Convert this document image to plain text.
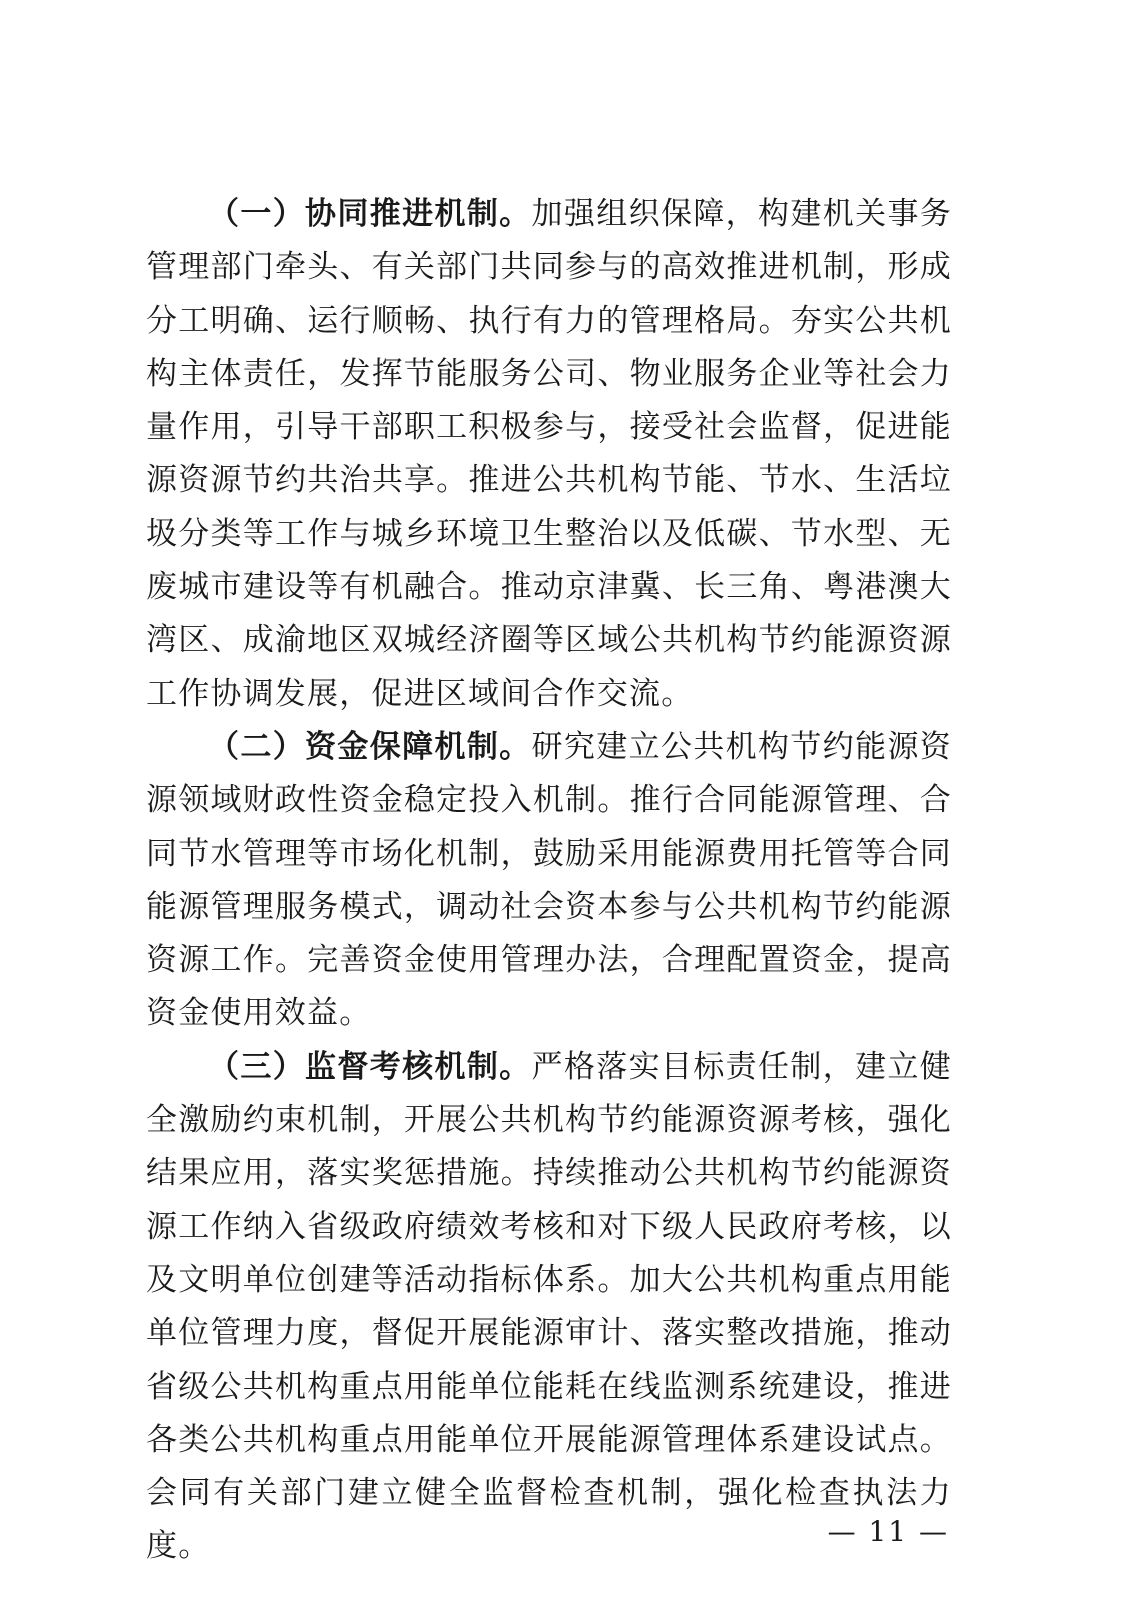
（一）协同推进机制。加强组织保障，构建机关事务管理部门牵头、有关部门共同参与的高效推进机制，形成分工明确、运行顺畅、执行有力的管理格局。夯实公共机构主体责任，发挥节能服务公司、物业服务企业等社会力量作用，引导干部职工积极参与，接受社会监督，促进能源资源节约共治共享。推进公共机构节能、节水、生活垃圾分类等工作与城乡环境卫生整治以及低碳、节水型、无废城市建设等有机融合。推动京津冀、长三角、粤港澳大湾区、成渝地区双城经济圈等区域公共机构节约能源资源工作协调发展，促进区域间合作交流。

（二）资金保障机制。研究建立公共机构节约能源资源领域财政性资金稳定投入机制。推行合同能源管理、合同节水管理等市场化机制，鼓励采用能源费用托管等合同能源管理服务模式，调动社会资本参与公共机构节约能源资源工作。完善资金使用管理办法，合理配置资金，提高资金使用效益。

（三）监督考核机制。严格落实目标责任制，建立健全激励约束机制，开展公共机构节约能源资源考核，强化结果应用，落实奖惩措施。持续推动公共机构节约能源资源工作纳入省级政府绩效考核和对下级人民政府考核，以及文明单位创建等活动指标体系。加大公共机构重点用能单位管理力度，督促开展能源审计、落实整改措施，推动省级公共机构重点用能单位能耗在线监测系统建设，推进各类公共机构重点用能单位开展能源管理体系建设试点。会同有关部门建立健全监督检查机制，强化检查执法力度。	— 11 —
